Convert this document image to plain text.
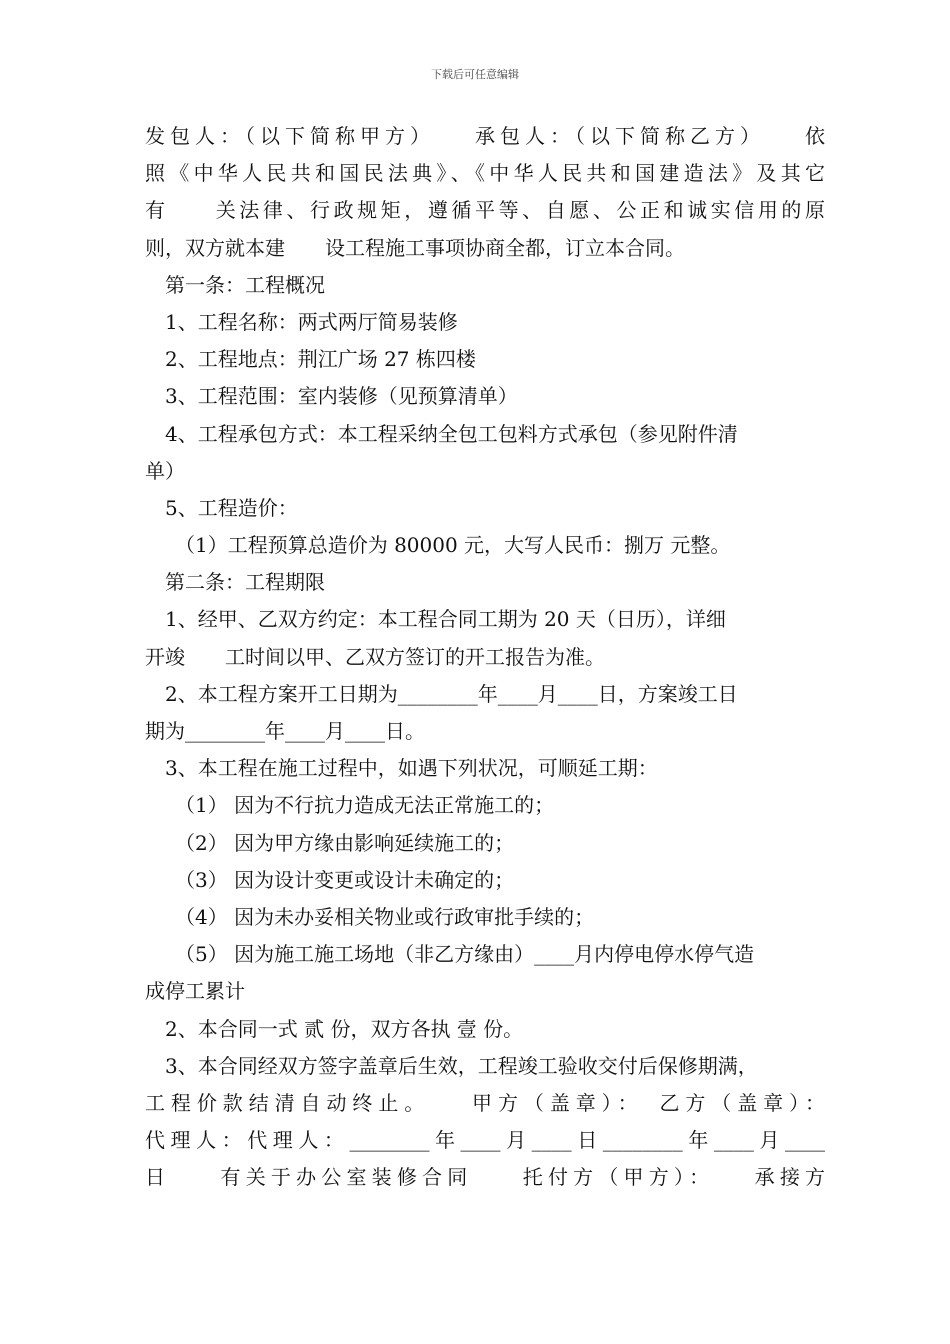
下载后可任意编辑
发包人：（以下简称甲方）　　承包人：（以下简称乙方）　　依
照《中华人民共和国民法典》、《中华人民共和国建造法》及其它
有　　关法律、行政规矩，遵循平等、自愿、公正和诚实信用的原
则，双方就本建　　设工程施工事项协商全都，订立本合同。
第一条：工程概况
1、工程名称：两式两厅简易装修
2、工程地点：荆江广场 27 栋四楼
3、工程范围：室内装修（见预算清单）
4、工程承包方式：本工程采纳全包工包料方式承包（参见附件清
单）
5、工程造价：
（1）工程预算总造价为 80000 元，大写人民币：捌万 元整。
第二条：工程期限
1、经甲、乙双方约定：本工程合同工期为 20 天（日历），详细
开竣　　工时间以甲、乙双方签订的开工报告为准。
2、本工程方案开工日期为________年____月____日，方案竣工日
期为________年____月____日。
3、本工程在施工过程中，如遇下列状况，可顺延工期：
（1） 因为不行抗力造成无法正常施工的；
（2） 因为甲方缘由影响延续施工的；
（3） 因为设计变更或设计未确定的；
（4） 因为未办妥相关物业或行政审批手续的；
（5） 因为施工施工场地（非乙方缘由）____月内停电停水停气造
成停工累计
2、本合同一式 贰 份，双方各执 壹 份。
3、本合同经双方签字盖章后生效，工程竣工验收交付后保修期满，
工程价款结清自动终止。　　甲方（盖章）：　乙方（盖章）：
代理人：代理人：________年____月____日________年____月____
日　　有关于办公室装修合同　　托付方（甲方）：　　承接方
